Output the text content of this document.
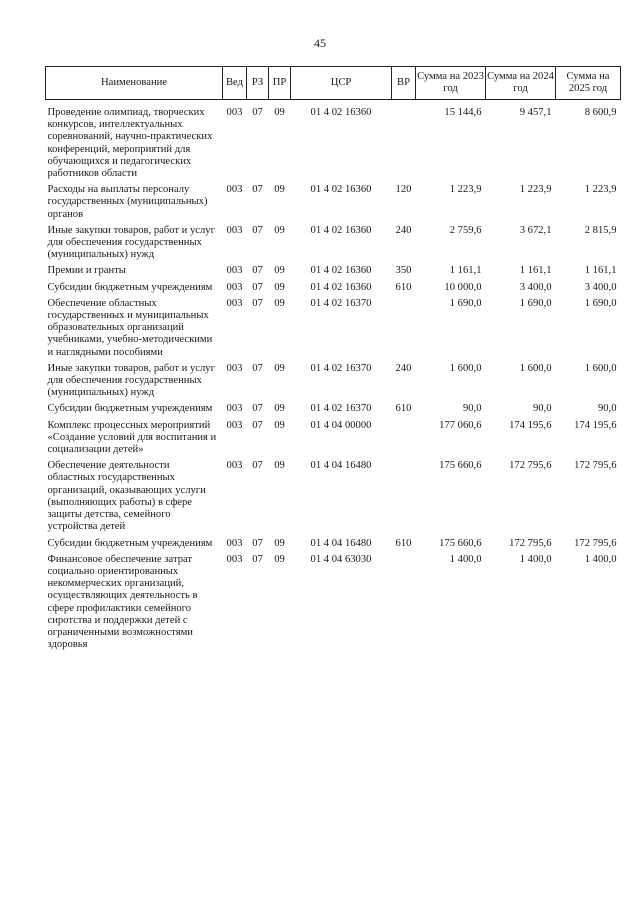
45
Наименование	Вед	РЗ	ПР	ЦСР	ВР	Сумма на 2023 год	Сумма на 2024 год	Сумма на 2025 год
Проведение олимпиад, творческих конкурсов, интеллектуальных соревнований, научно-практических конференций, мероприятий для обучающихся и педагогических работников области	003	07	09	01 4 02 16360		15 144,6	9 457,1	8 600,9
Расходы на выплаты персоналу государственных (муниципальных) органов	003	07	09	01 4 02 16360	120	1 223,9	1 223,9	1 223,9
Иные закупки товаров, работ и услуг для обеспечения государственных (муниципальных) нужд	003	07	09	01 4 02 16360	240	2 759,6	3 672,1	2 815,9
Премии и гранты	003	07	09	01 4 02 16360	350	1 161,1	1 161,1	1 161,1
Субсидии бюджетным учреждениям	003	07	09	01 4 02 16360	610	10 000,0	3 400,0	3 400,0
Обеспечение областных государственных и муниципальных образовательных организаций учебниками, учебно-методическими и наглядными пособиями	003	07	09	01 4 02 16370		1 690,0	1 690,0	1 690,0
Иные закупки товаров, работ и услуг для обеспечения государственных (муниципальных) нужд	003	07	09	01 4 02 16370	240	1 600,0	1 600,0	1 600,0
Субсидии бюджетным учреждениям	003	07	09	01 4 02 16370	610	90,0	90,0	90,0
Комплекс процессных мероприятий «Создание условий для воспитания и социализации детей»	003	07	09	01 4 04 00000		177 060,6	174 195,6	174 195,6
Обеспечение деятельности областных государственных организаций, оказывающих услуги (выполняющих работы) в сфере защиты детства, семейного устройства детей	003	07	09	01 4 04 16480		175 660,6	172 795,6	172 795,6
Субсидии бюджетным учреждениям	003	07	09	01 4 04 16480	610	175 660,6	172 795,6	172 795,6
Финансовое обеспечение затрат социально ориентированных некоммерческих организаций, осуществляющих деятельность в сфере профилактики семейного сиротства и поддержки детей с ограниченными возможностями здоровья	003	07	09	01 4 04 63030		1 400,0	1 400,0	1 400,0
